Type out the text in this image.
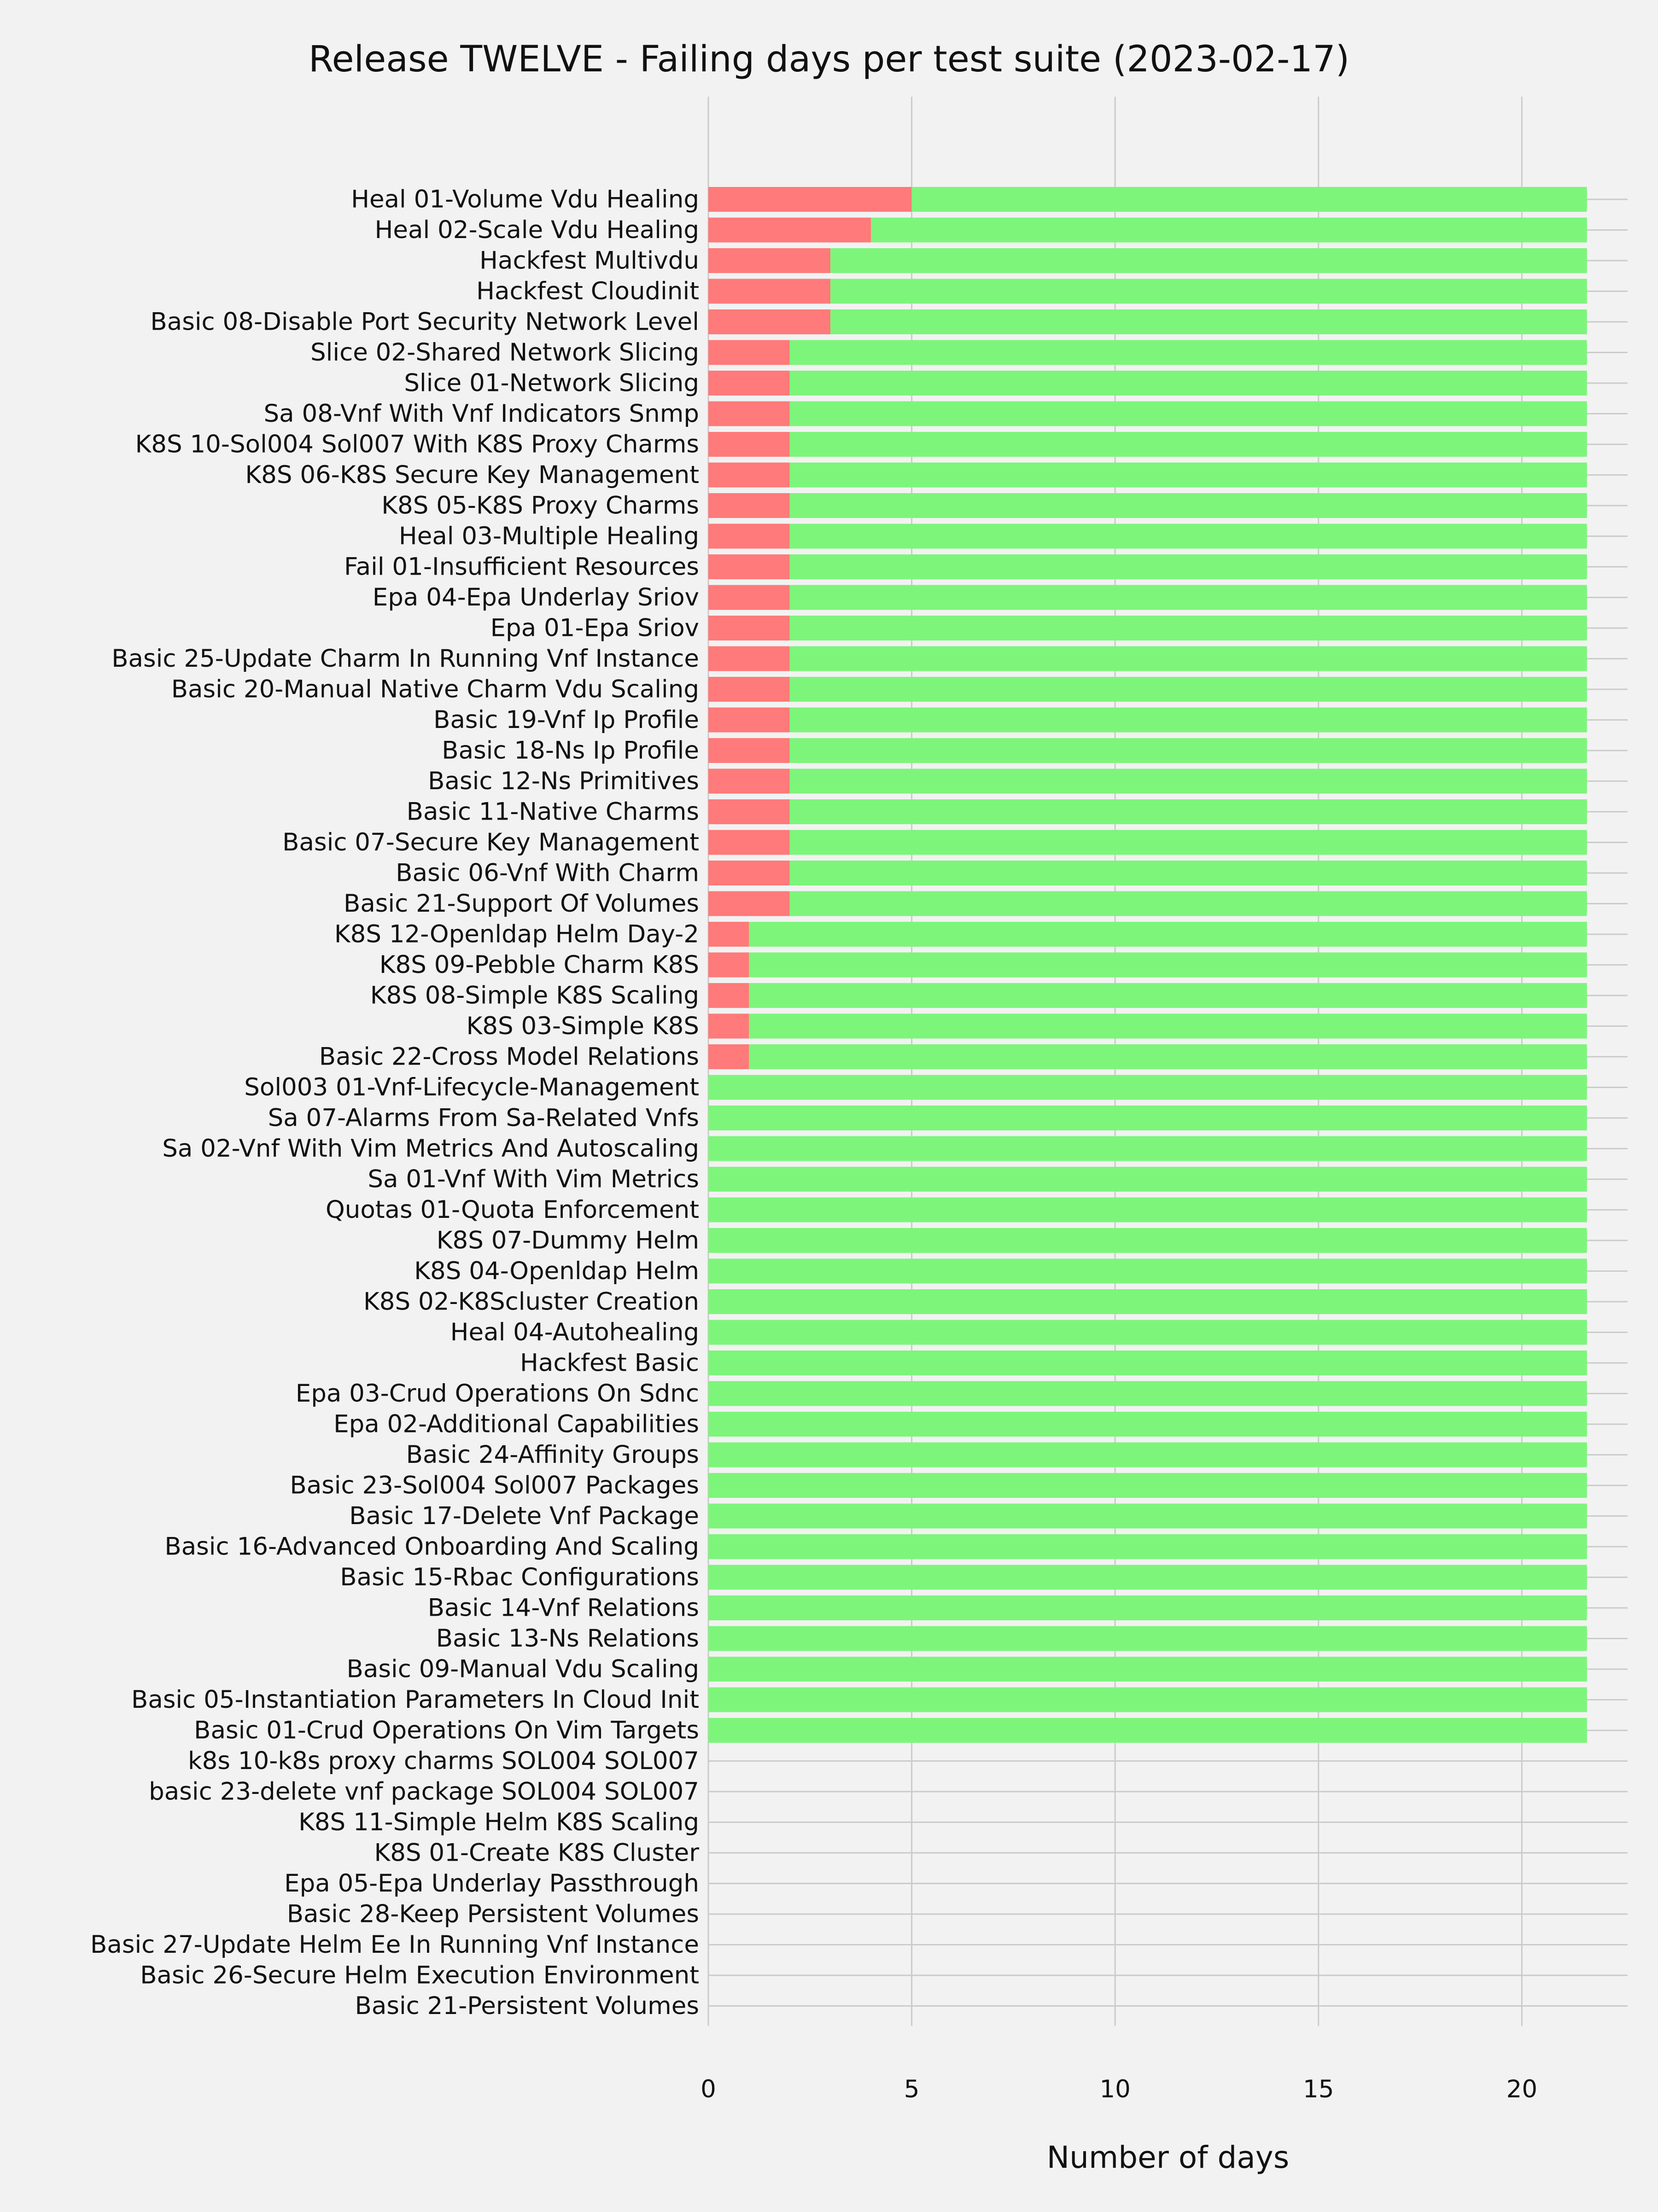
Heal 01-Volume Vdu Healing
Heal 02-Scale Vdu Healing
Hackfest Multivdu
Hackfest Cloudinit
Basic 08-Disable Port Security Network Level
Slice 02-Shared Network Slicing
Slice 01-Network Slicing
Sa 08-Vnf With Vnf Indicators Snmp
K8S 10-Sol004 Sol007 With K8S Proxy Charms
K8S 06-K8S Secure Key Management
K8S 05-K8S Proxy Charms
Heal 03-Multiple Healing
Fail 01-Insufficient Resources
Epa 04-Epa Underlay Sriov
Epa 01-Epa Sriov
Basic 25-Update Charm In Running Vnf Instance
Basic 20-Manual Native Charm Vdu Scaling
Basic 19-Vnf Ip Profile
Basic 18-Ns Ip Profile
Basic 12-Ns Primitives
Basic 11-Native Charms
Basic 07-Secure Key Management
Basic 06-Vnf With Charm
Basic 21-Support Of Volumes
K8S 12-Openldap Helm Day-2
K8S 09-Pebble Charm K8S
K8S 08-Simple K8S Scaling
K8S 03-Simple K8S
Basic 22-Cross Model Relations
Sol003 01-Vnf-Lifecycle-Management
Sa 07-Alarms From Sa-Related Vnfs
Sa 02-Vnf With Vim Metrics And Autoscaling
Sa 01-Vnf With Vim Metrics
Quotas 01-Quota Enforcement
K8S 07-Dummy Helm
K8S 04-Openldap Helm
K8S 02-K8Scluster Creation
Heal 04-Autohealing
Hackfest Basic
Epa 03-Crud Operations On Sdnc
Epa 02-Additional Capabilities
Basic 24-Affinity Groups
Basic 23-Sol004 Sol007 Packages
Basic 17-Delete Vnf Package
Basic 16-Advanced Onboarding And Scaling
Basic 15-Rbac Configurations
Basic 14-Vnf Relations
Basic 13-Ns Relations
Basic 09-Manual Vdu Scaling
Basic 05-Instantiation Parameters In Cloud Init
Basic 01-Crud Operations On Vim Targets
k8s 10-k8s proxy charms SOL004 SOL007
basic 23-delete vnf package SOL004 SOL007
K8S 11-Simple Helm K8S Scaling
K8S 01-Create K8S Cluster
Epa 05-Epa Underlay Passthrough
Basic 28-Keep Persistent Volumes
Basic 27-Update Helm Ee In Running Vnf Instance
Basic 26-Secure Helm Execution Environment
Basic 21-Persistent Volumes
0	5	10	15	20
Release TWELVE - Failing days per test suite (2023-02-17)
Number of days
